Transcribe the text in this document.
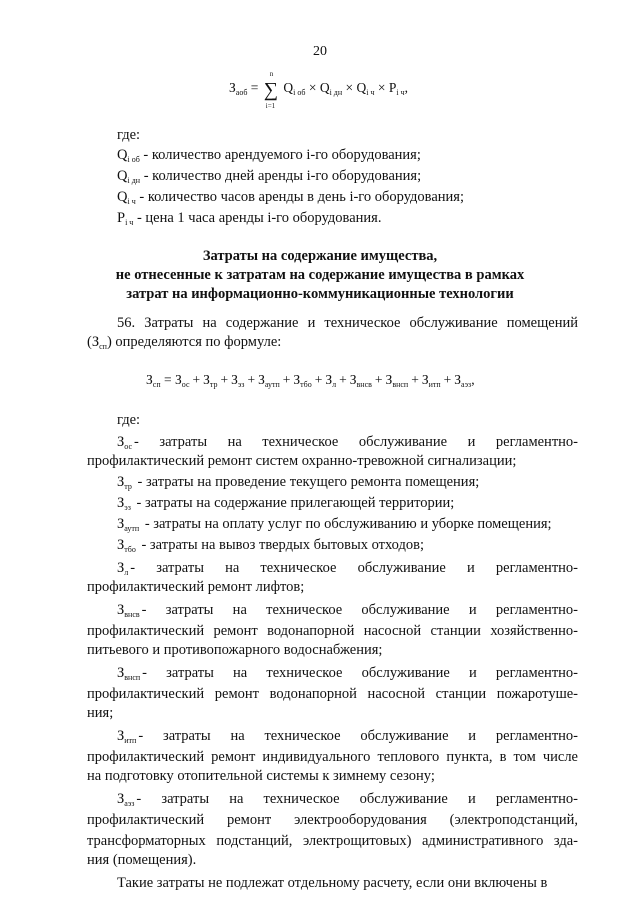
20
$З_{аоб}$ = ∑
n
i=1
$Q_{i об} \times Q_{i дн} \times Q_{i ч} \times P_{i ч}$,
где:
$Q_{i об}$ - количество арендуемого i-го оборудования;
$Q_{i дн}$ - количество дней аренды i-го оборудования;
$Q_{i ч}$ - количество часов аренды в день i-го оборудования;
$P_{i ч}$ - цена 1 часа аренды i-го оборудования.
Затраты на содержание имущества,
не отнесенные к затратам на содержание имущества в рамках
затрат на информационно-коммуникационные технологии
56. Затраты на содержание и техническое обслуживание помещений
$(З_{сп})$ определяются по формуле:
$З_{сп} = З_{ос} + З_{тр} + З_{эз} + З_{аутп} + З_{тбо} + З_л + З_{внсв} + З_{внсп} + З_{итп} + З_{аэз}$,
где:
$З_{ос}$ - затраты на техническое обслуживание и регламентно-
профилактический ремонт систем охранно-тревожной сигнализации;
$З_{тр}$ - затраты на проведение текущего ремонта помещения;
$З_{эз}$ - затраты на содержание прилегающей территории;
$З_{аутп}$ - затраты на оплату услуг по обслуживанию и уборке помещения;
$З_{тбо}$ - затраты на вывоз твердых бытовых отходов;
$З_л$ - затраты на техническое обслуживание и регламентно-
профилактический ремонт лифтов;
$З_{внсв}$ - затраты на техническое обслуживание и регламентно-
профилактический ремонт водонапорной насосной станции хозяйственно-
питьевого и противопожарного водоснабжения;
$З_{внсп}$ - затраты на техническое обслуживание и регламентно-
профилактический ремонт водонапорной насосной станции пожаротуше-
ния;
$З_{итп}$ - затраты на техническое обслуживание и регламентно-
профилактический ремонт индивидуального теплового пункта, в том числе
на подготовку отопительной системы к зимнему сезону;
$З_{аэз}$ - затраты на техническое обслуживание и регламентно-
профилактический ремонт электрооборудования (электроподстанций,
трансформаторных подстанций, электрощитовых) административного зда-
ния (помещения).
Такие затраты не подлежат отдельному расчету, если они включены в
